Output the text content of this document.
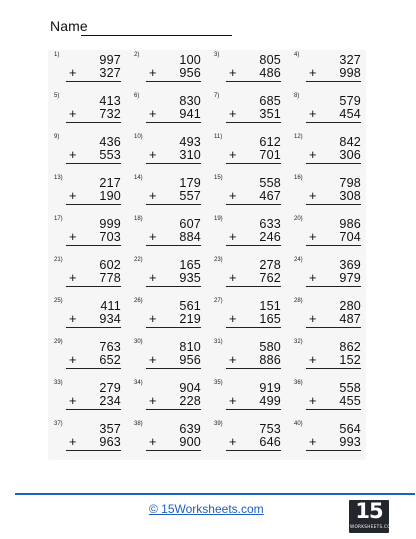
Name
1)	997
+ 327
2)	100
+ 956
3)	805
+ 486
4)	327
+ 998
5)	413
+ 732
6)	830
+ 941
7)	685
+ 351
8)	579
+ 454
9)	436
+ 553
10)	493
+ 310
11)	612
+ 701
12)	842
+ 306
13)	217
+ 190
14)	179
+ 557
15)	558
+ 467
16)	798
+ 308
17)	999
+ 703
18)	607
+ 884
19)	633
+ 246
20)	986
+ 704
21)	602
+ 778
22)	165
+ 935
23)	278
+ 762
24)	369
+ 979
25)	411
+ 934
26)	561
+ 219
27)	151
+ 165
28)	280
+ 487
29)	763
+ 652
30)	810
+ 956
31)	580
+ 886
32)	862
+ 152
33)	279
+ 234
34)	904
+ 228
35)	919
+ 499
36)	558
+ 455
37)	357
+ 963
38)	639
+ 900
39)	753
+ 646
40)	564
+ 993
© 15Worksheets.com	15
WORKSHEETS.COM
